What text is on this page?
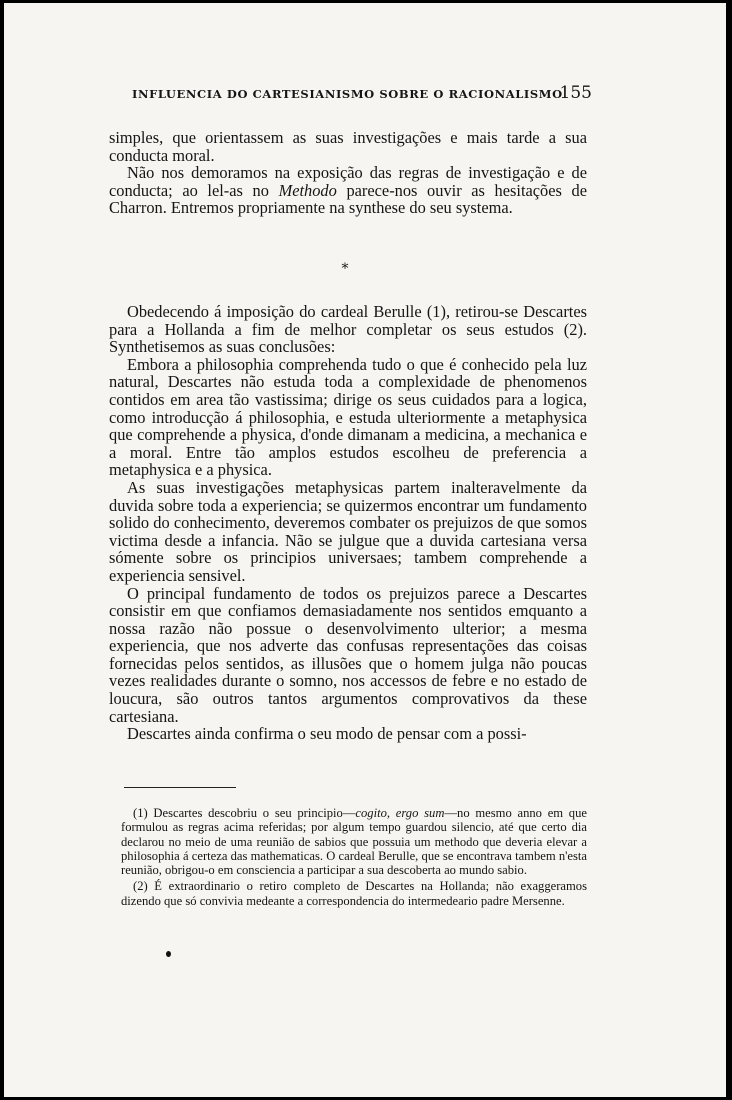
INFLUENCIA DO CARTESIANISMO SOBRE O RACIONALISMO
155

simples, que orientassem as suas investigações e mais tarde a sua conducta moral.

Não nos demoramos na exposição das regras de investigação e de conducta; ao lel-as no Methodo parece-nos ouvir as hesitações de Charron. Entremos propriamente na synthese do seu systema.

*

Obedecendo á imposição do cardeal Berulle (1), retirou-se Descartes para a Hollanda a fim de melhor completar os seus estudos (2). Synthetisemos as suas conclusões:

Embora a philosophia comprehenda tudo o que é conhecido pela luz natural, Descartes não estuda toda a complexidade de phenomenos contidos em area tão vastissima; dirige os seus cuidados para a logica, como introducção á philosophia, e estuda ulteriormente a metaphysica que comprehende a physica, d'onde dimanam a medicina, a mechanica e a moral. Entre tão amplos estudos escolheu de preferencia a metaphysica e a physica.

As suas investigações metaphysicas partem inalteravelmente da duvida sobre toda a experiencia; se quizermos encontrar um fundamento solido do conhecimento, deveremos combater os prejuizos de que somos victima desde a infancia. Não se julgue que a duvida cartesiana versa sómente sobre os principios universaes; tambem comprehende a experiencia sensivel.

O principal fundamento de todos os prejuizos parece a Descartes consistir em que confiamos demasiadamente nos sentidos emquanto a nossa razão não possue o desenvolvimento ulterior; a mesma experiencia, que nos adverte das confusas representações das coisas fornecidas pelos sentidos, as illusões que o homem julga não poucas vezes realidades durante o somno, nos accessos de febre e no estado de loucura, são outros tantos argumentos comprovativos da these cartesiana.

Descartes ainda confirma o seu modo de pensar com a possi-

(1) Descartes descobriu o seu principio—cogito, ergo sum—no mesmo anno em que formulou as regras acima referidas; por algum tempo guardou silencio, até que certo dia declarou no meio de uma reunião de sabios que possuia um methodo que deveria elevar a philosophia á certeza das mathematicas. O cardeal Berulle, que se encontrava tambem n'esta reunião, obrigou-o em consciencia a participar a sua descoberta ao mundo sabio.

(2) É extraordinario o retiro completo de Descartes na Hollanda; não exaggeramos dizendo que só convivia medeante a correspondencia do intermedeario padre Mersenne.
